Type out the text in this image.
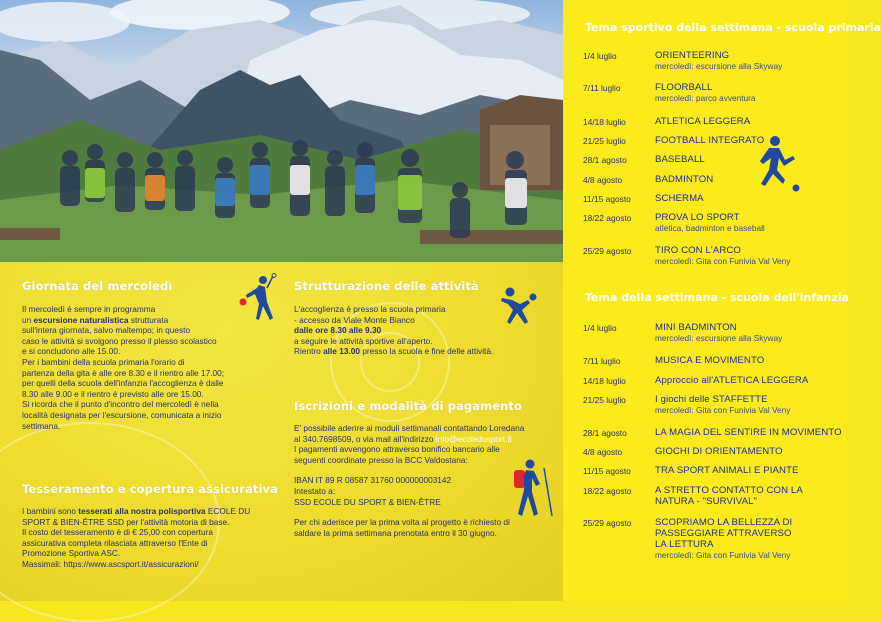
Giornata del mercoledì
Il mercoledì è sempre in programma
un escursione naturalistica strutturata
sull'intera giornata, salvo maltempo; in questo
caso le attività si svolgono presso il plesso scolastico
e si concludono alle 15.00.
Per i bambini della scuola primaria l'orario di
partenza della gita è alle ore 8.30 e il rientro alle 17.00;
per quelli della scuola dell'infanzia l'accoglienza è dalle
8.30 alle 9.00 e il rientro è previsto alle ore 15.00.
Si ricorda che il punto d'incontro del mercoledì è nella
località designata per l'escursione, comunicata a inizio
settimana.
Tesseramento e copertura assicurativa
I bambini sono tesserati alla nostra polisportiva ECOLE DU
SPORT & BIEN-ÊTRE SSD per l'attività motoria di base.
Il costo del tesseramento è di € 25,00 con copertura
assicurativa completa rilasciata attraverso l'Ente di
Promozione Sportiva ASC.
Massimali: https://www.ascsport.it/assicurazioni/
Strutturazione delle attività
L'accoglienza è presso la scuola primaria
- accesso da Viale Monte Bianco
dalle ore 8.30 alle 9.30
a seguire le attività sportive all'aperto.
Rientro alle 13.00 presso la scuola e fine delle attività.
Iscrizioni e modalità di pagamento
E' possibile aderire ai moduli settimanali contattando Loredana
al 340.7698509, o via mail all'indirizzo info@ecoledusport.it
I pagamenti avvengono attraverso bonifico bancario alle
seguenti coordinate presso la BCC Valdostana:
IBAN IT 89 R 08587 31760 000000003142
Intestato a:
SSD ECOLE DU SPORT & BIEN-ÊTRE
Per chi aderisce per la prima volta al progetto è richiesto di
saldare la prima settimana prenotata entro il 30 giugno.
Tema sportivo della settimana - scuola primaria
1/4 luglio	ORIENTEERING
mercoledì: escursione alla Skyway
7/11 luglio	FLOORBALL
mercoledì: parco avventura
14/18 luglio	ATLETICA LEGGERA
21/25 luglio	FOOTBALL INTEGRATO
28/1 agosto	BASEBALL
4/8 agosto	BADMINTON
11/15 agosto	SCHERMA
18/22 agosto	PROVA LO SPORT
atletica, badminton e baseball
25/29 agosto	TIRO CON L'ARCO
mercoledì: Gita con Funivia Val Veny
Tema della settimana - scuola dell'infanzia
1/4 luglio	MINI BADMINTON
mercoledì: escursione alla Skyway
7/11 luglio	MUSICA E MOVIMENTO
14/18 luglio	Approccio all'ATLETICA LEGGERA
21/25 luglio	I giochi delle STAFFETTE
mercoledì: Gita con Funivia Val Veny
28/1 agosto	LA MAGIA DEL SENTIRE IN MOVIMENTO
4/8 agosto	GIOCHI DI ORIENTAMENTO
11/15 agosto	TRA SPORT ANIMALI E PIANTE
18/22 agosto	A STRETTO CONTATTO CON LA
NATURA - "SURVIVAL"
25/29 agosto	SCOPRIAMO LA BELLEZZA DI
PASSEGGIARE ATTRAVERSO
LA LETTURA
mercoledì: Gita con Funivia Val Veny
